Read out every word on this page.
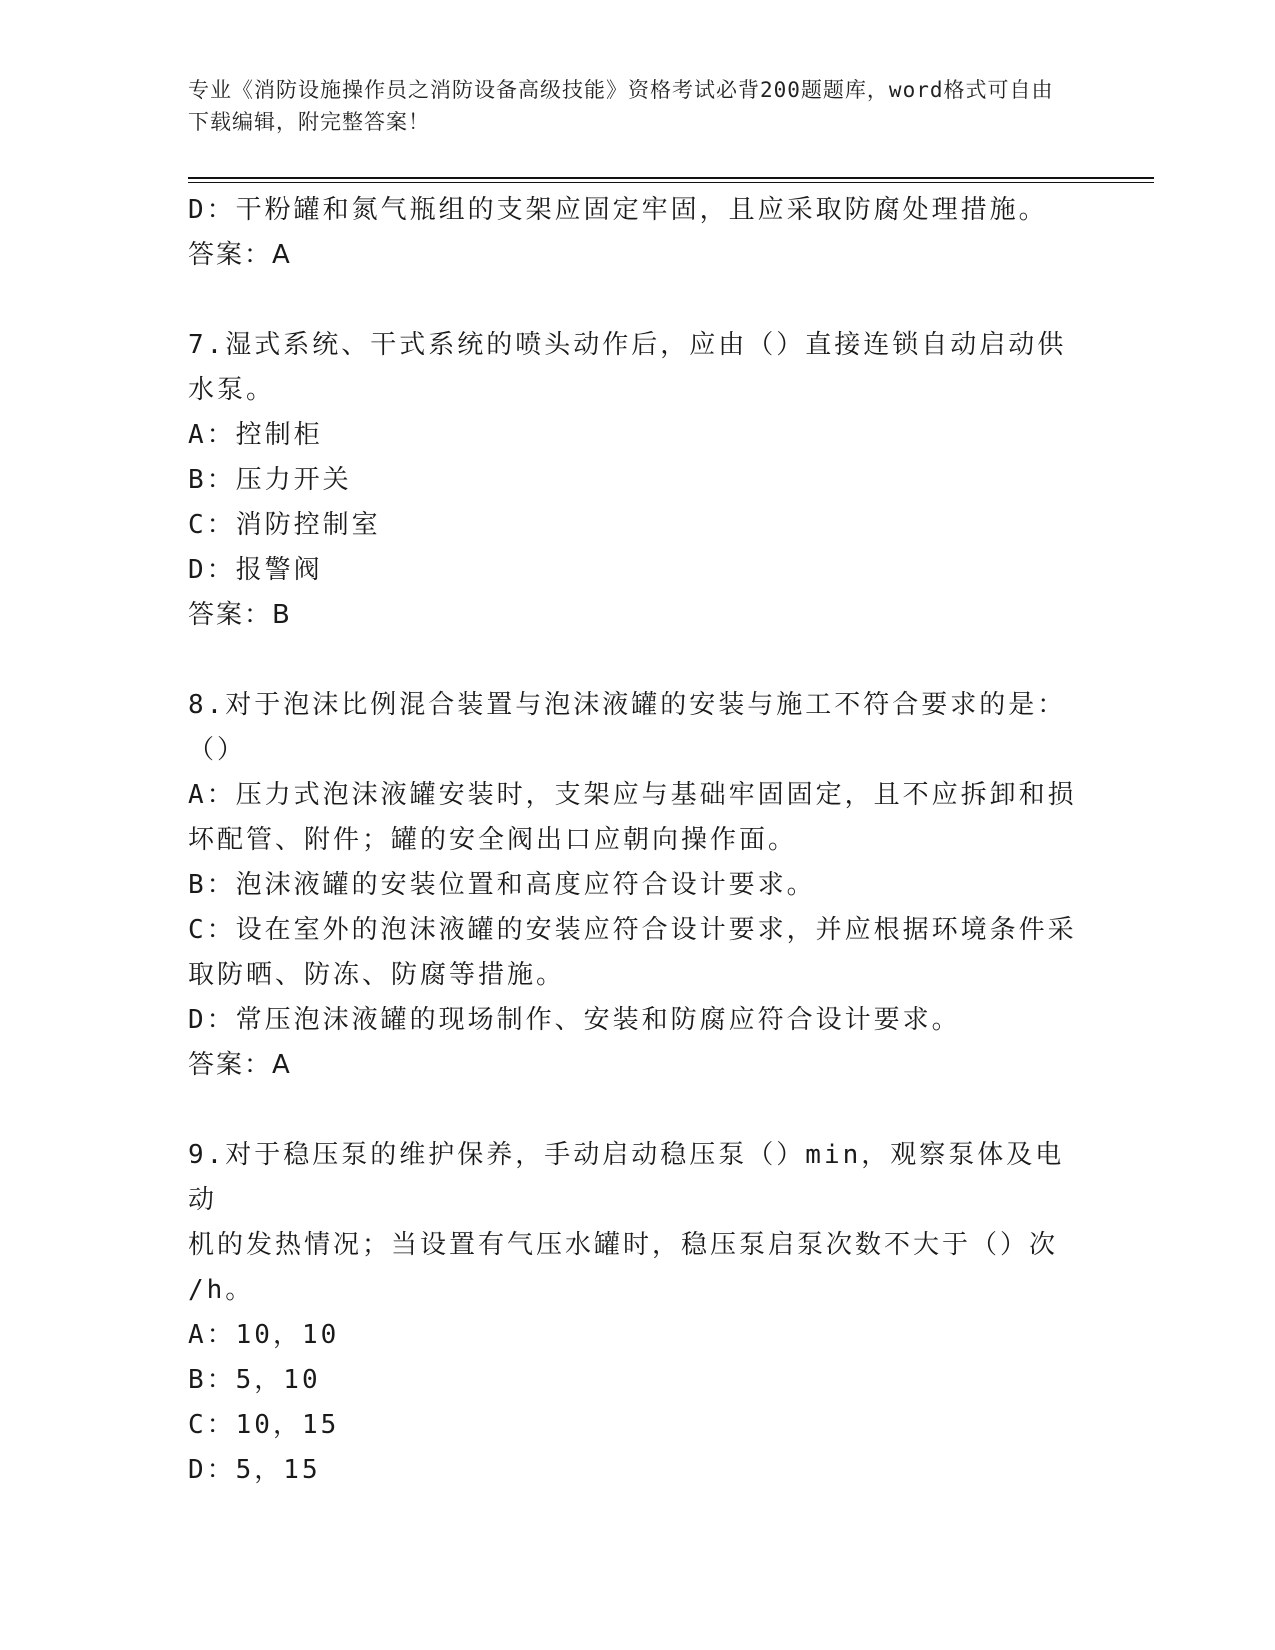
专业《消防设施操作员之消防设备高级技能》资格考试必背200题题库，word格式可自由下载编辑，附完整答案！
D：干粉罐和氮气瓶组的支架应固定牢固，且应采取防腐处理措施。
答案：A
7.湿式系统、干式系统的喷头动作后，应由（）直接连锁自动启动供
水泵。
A：控制柜
B：压力开关
C：消防控制室
D：报警阀
答案：B
8.对于泡沫比例混合装置与泡沫液罐的安装与施工不符合要求的是：
（）
A：压力式泡沫液罐安装时，支架应与基础牢固固定，且不应拆卸和损
坏配管、附件；罐的安全阀出口应朝向操作面。
B：泡沫液罐的安装位置和高度应符合设计要求。
C：设在室外的泡沫液罐的安装应符合设计要求，并应根据环境条件采
取防晒、防冻、防腐等措施。
D：常压泡沫液罐的现场制作、安装和防腐应符合设计要求。
答案：A
9.对于稳压泵的维护保养，手动启动稳压泵（）min，观察泵体及电动
机的发热情况；当设置有气压水罐时，稳压泵启泵次数不大于（）次
/h。
A：10，10
B：5，10
C：10，15
D：5，15
